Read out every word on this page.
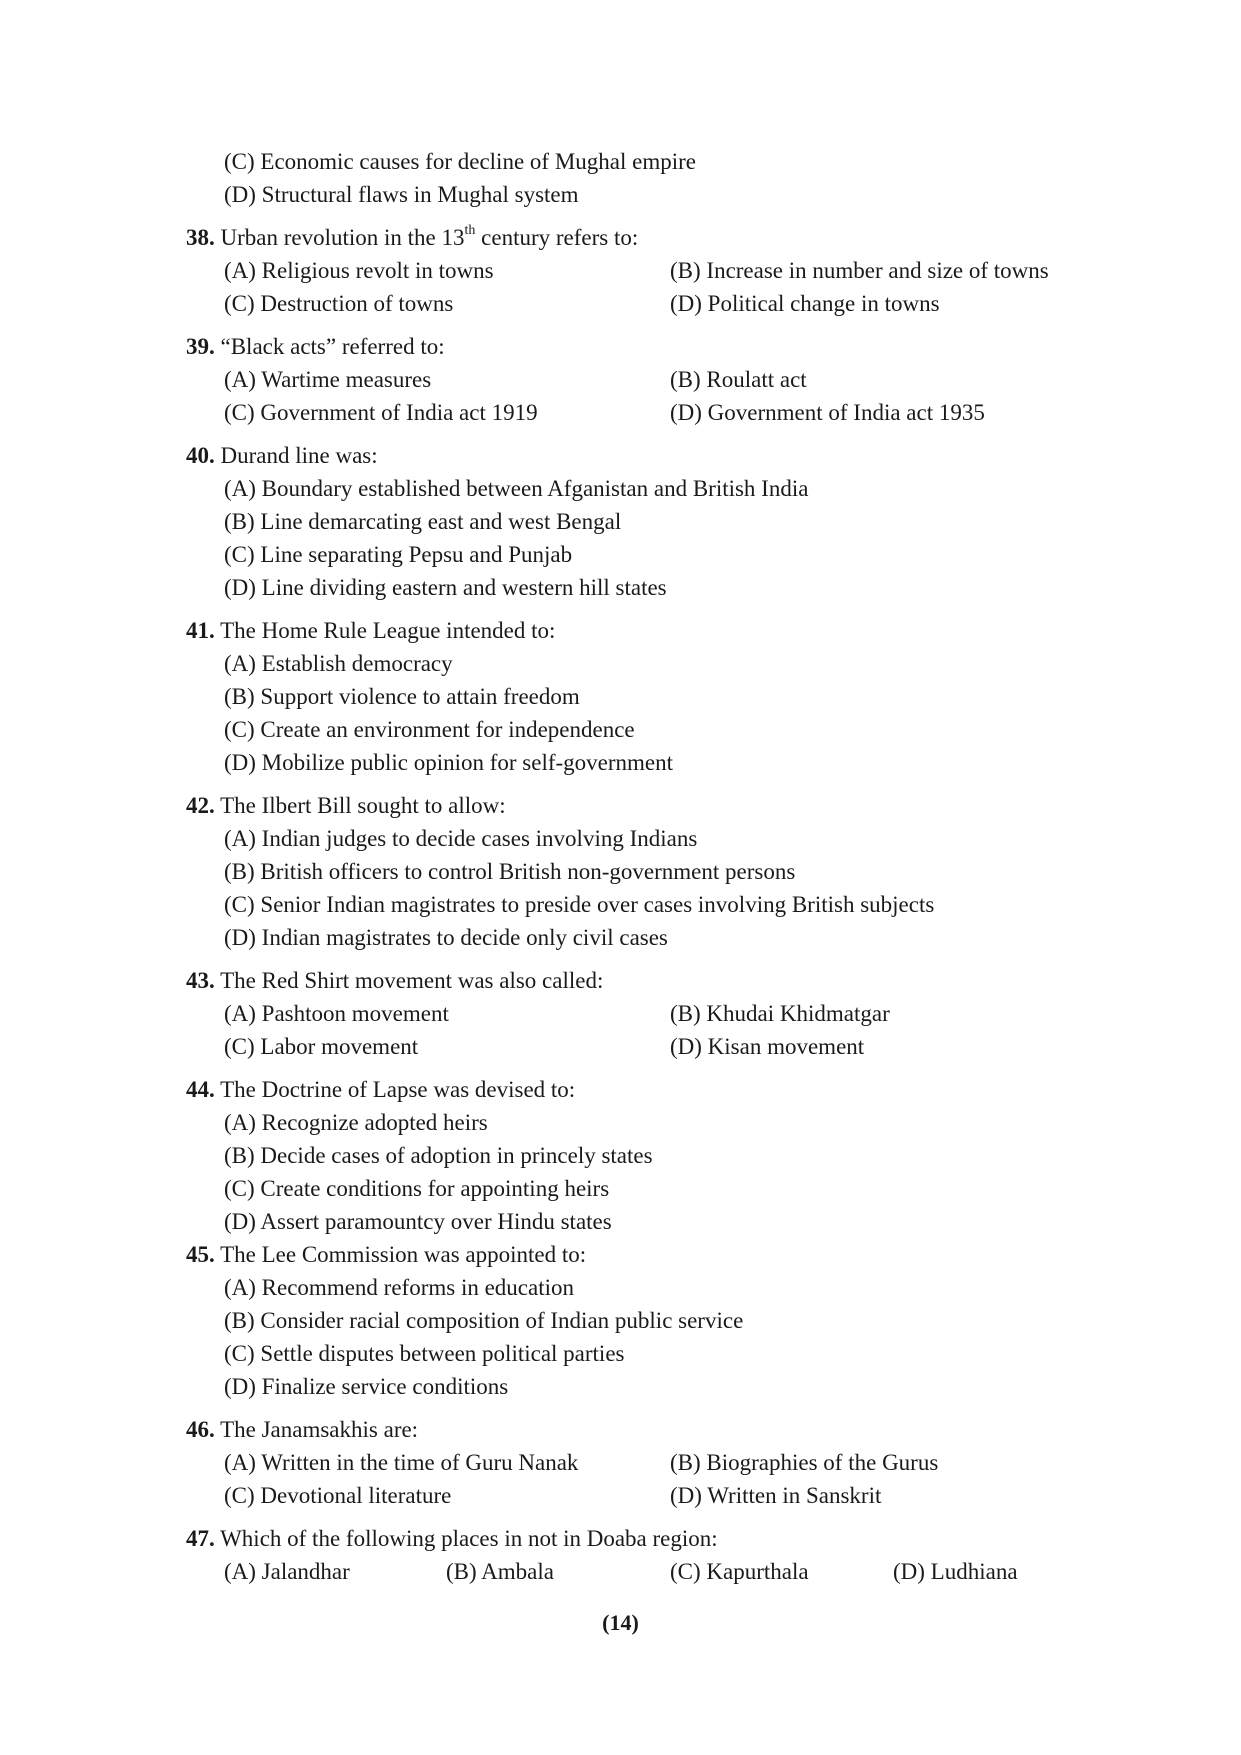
(C) Economic causes for decline of Mughal empire
(D) Structural flaws in Mughal system
38. Urban revolution in the 13th century refers to:
(A) Religious revolt in towns	(B) Increase in number and size of towns
(C) Destruction of towns	(D) Political change in towns
39. “Black acts” referred to:
(A) Wartime measures	(B) Roulatt act
(C) Government of India act 1919	(D) Government of India act 1935
40. Durand line was:
(A) Boundary established between Afganistan and British India
(B) Line demarcating east and west Bengal
(C) Line separating Pepsu and Punjab
(D) Line dividing eastern and western hill states
41. The Home Rule League intended to:
(A) Establish democracy
(B) Support violence to attain freedom
(C) Create an environment for independence
(D) Mobilize public opinion for self-government
42. The Ilbert Bill sought to allow:
(A) Indian judges to decide cases involving Indians
(B) British officers to control British non-government persons
(C) Senior Indian magistrates to preside over cases involving British subjects
(D) Indian magistrates to decide only civil cases
43. The Red Shirt movement was also called:
(A) Pashtoon movement	(B) Khudai Khidmatgar
(C) Labor movement	(D) Kisan movement
44. The Doctrine of Lapse was devised to:
(A) Recognize adopted heirs
(B) Decide cases of adoption in princely states
(C) Create conditions for appointing heirs
(D) Assert paramountcy over Hindu states
45. The Lee Commission was appointed to:
(A) Recommend reforms in education
(B) Consider racial composition of Indian public service
(C) Settle disputes between political parties
(D) Finalize service conditions
46. The Janamsakhis are:
(A) Written in the time of Guru Nanak	(B) Biographies of the Gurus
(C) Devotional literature	(D) Written in Sanskrit
47. Which of the following places in not in Doaba region:
(A) Jalandhar	(B) Ambala	(C) Kapurthala	(D) Ludhiana
(14)
